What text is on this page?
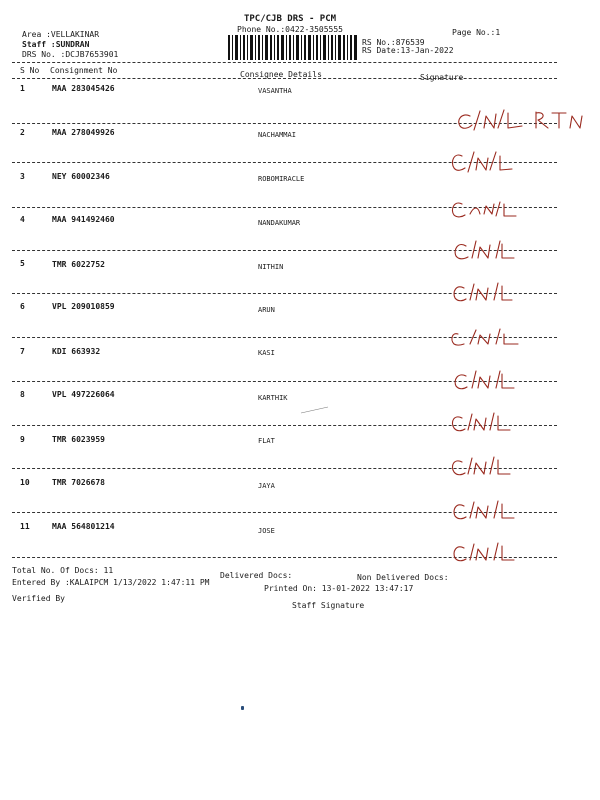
Area :VELLAKINAR
Staff :SUNDRAN
DRS No. :DCJB7653901
TPC/CJB DRS - PCM
Phone No.:0422-3505555	Page No.:1
RS No.:876539
RS Date:13-Jan-2022
S No Consignment No	Consignee Details	Signature
1	MAA 283045426	VASANTHA
2	MAA 278049926	NACHAMMAI
3	NEY 60002346	ROBOMIRACLE
4	MAA 941492460	NANDAKUMAR
5	TMR 6022752	NITHIN
6	VPL 209010859	ARUN
7	KDI 663932	KASI
8	VPL 497226064	KARTHIK
9	TMR 6023959	FLAT
10	TMR 7026678	JAYA
11	MAA 564801214	JOSE
Total No. Of Docs: 11
Delivered Docs:	Non Delivered Docs:
Entered By :KALAIPCM 1/13/2022 1:47:11 PM
Printed On: 13-01-2022 13:47:17
Verified By
Staff Signature
